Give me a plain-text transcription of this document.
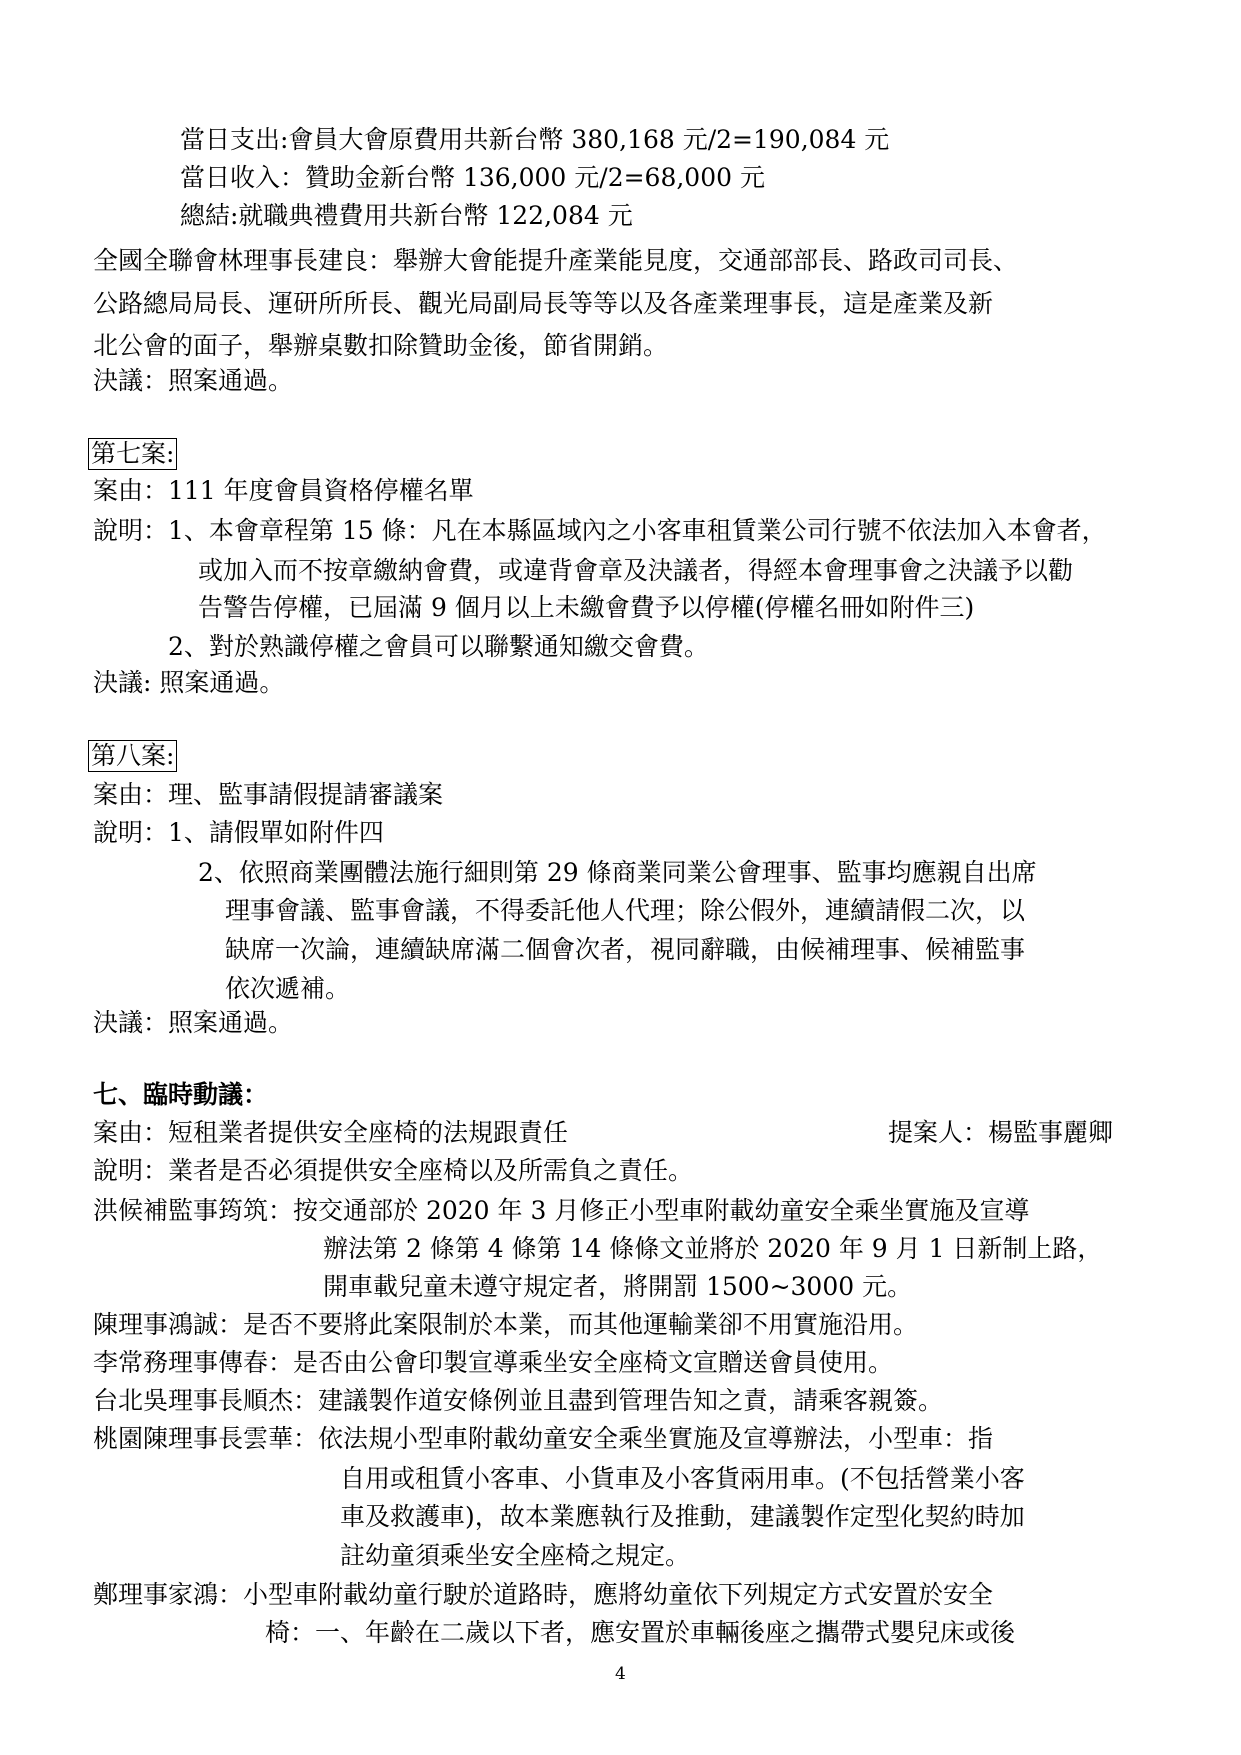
當日支出:會員大會原費用共新台幣 380,168 元/2=190,084 元
當日收入：贊助金新台幣 136,000 元/2=68,000 元
總結:就職典禮費用共新台幣 122,084 元
全國全聯會林理事長建良：舉辦大會能提升產業能見度，交通部部長、路政司司長、
公路總局局長、運研所所長、觀光局副局長等等以及各產業理事長，這是產業及新
北公會的面子，舉辦桌數扣除贊助金後，節省開銷。
決議：照案通過。
第七案:
案由：111 年度會員資格停權名單
說明：1、本會章程第 15 條：凡在本縣區域內之小客車租賃業公司行號不依法加入本會者，
或加入而不按章繳納會費，或違背會章及決議者，得經本會理事會之決議予以勸
告警告停權，已屆滿 9 個月以上未繳會費予以停權(停權名冊如附件三)
2、對於熟識停權之會員可以聯繫通知繳交會費。
決議: 照案通過。
第八案:
案由：理、監事請假提請審議案
說明：1、請假單如附件四
2、依照商業團體法施行細則第 29 條商業同業公會理事、監事均應親自出席
理事會議、監事會議，不得委託他人代理；除公假外，連續請假二次，以
缺席一次論，連續缺席滿二個會次者，視同辭職，由候補理事、候補監事
依次遞補。
決議：照案通過。
七、臨時動議：
案由：短租業者提供安全座椅的法規跟責任	提案人：楊監事麗卿
說明：業者是否必須提供安全座椅以及所需負之責任。
洪候補監事筠筑：按交通部於 2020 年 3 月修正小型車附載幼童安全乘坐實施及宣導
辦法第 2 條第 4 條第 14 條條文並將於 2020 年 9 月 1 日新制上路，
開車載兒童未遵守規定者，將開罰 1500~3000 元。
陳理事鴻誠：是否不要將此案限制於本業，而其他運輸業卻不用實施沿用。
李常務理事傳春：是否由公會印製宣導乘坐安全座椅文宣贈送會員使用。
台北吳理事長順杰：建議製作道安條例並且盡到管理告知之責，請乘客親簽。
桃園陳理事長雲華：依法規小型車附載幼童安全乘坐實施及宣導辦法，小型車：指
自用或租賃小客車、小貨車及小客貨兩用車。(不包括營業小客
車及救護車)，故本業應執行及推動，建議製作定型化契約時加
註幼童須乘坐安全座椅之規定。
鄭理事家鴻：小型車附載幼童行駛於道路時，應將幼童依下列規定方式安置於安全
椅：一、年齡在二歲以下者，應安置於車輛後座之攜帶式嬰兒床或後
4
